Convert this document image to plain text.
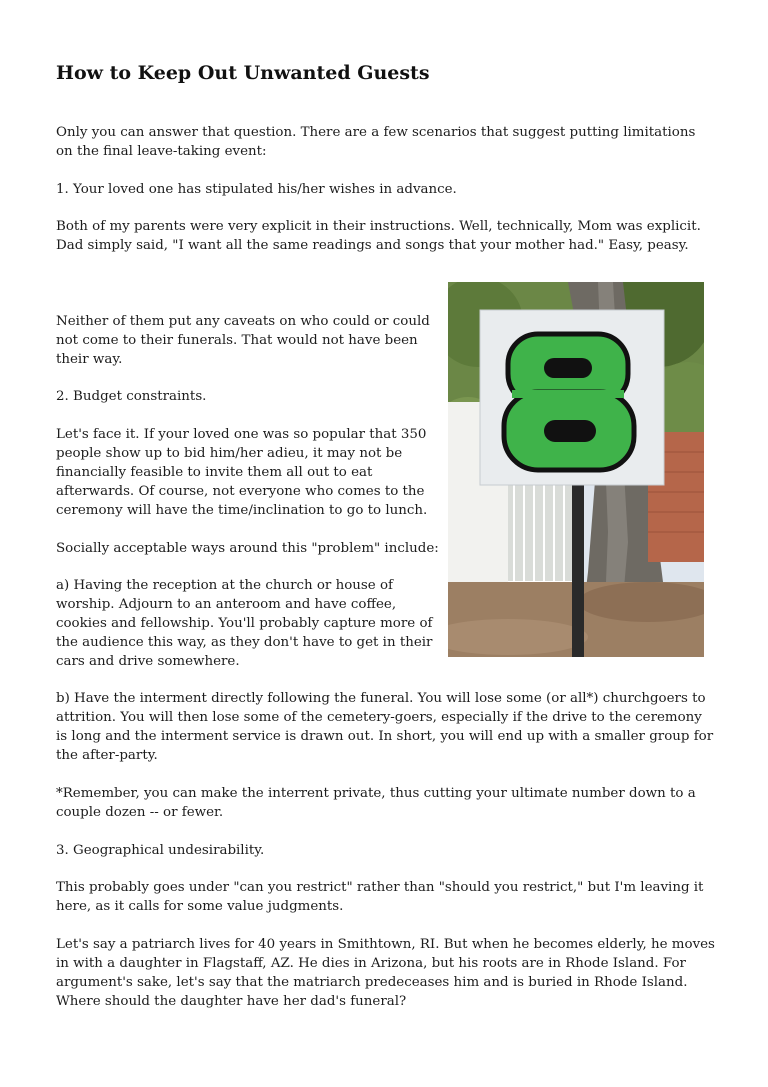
How to Keep Out Unwanted Guests

Only you can answer that question. There are a few scenarios that suggest putting limitations on the final leave-taking event:

1. Your loved one has stipulated his/her wishes in advance.

Both of my parents were very explicit in their instructions. Well, technically, Mom was explicit. Dad simply said, "I want all the same readings and songs that your mother had." Easy, peasy.

Neither of them put any caveats on who could or could not come to their funerals. That would not have been their way.

2. Budget constraints.

Let's face it. If your loved one was so popular that 350 people show up to bid him/her adieu, it may not be financially feasible to invite them all out to eat afterwards. Of course, not everyone who comes to the ceremony will have the time/inclination to go to lunch.

Socially acceptable ways around this "problem" include:

a) Having the reception at the church or house of worship. Adjourn to an anteroom and have coffee, cookies and fellowship. You'll probably capture more of the audience this way, as they don't have to get in their cars and drive somewhere.

b) Have the interment directly following the funeral. You will lose some (or all*) churchgoers to attrition. You will then lose some of the cemetery-goers, especially if the drive to the ceremony is long and the interment service is drawn out. In short, you will end up with a smaller group for the after-party.

*Remember, you can make the interrent private, thus cutting your ultimate number down to a couple dozen -- or fewer.

3. Geographical undesirability.

This probably goes under "can you restrict" rather than "should you restrict," but I'm leaving it here, as it calls for some value judgments.

Let's say a patriarch lives for 40 years in Smithtown, RI. But when he becomes elderly, he moves in with a daughter in Flagstaff, AZ. He dies in Arizona, but his roots are in Rhode Island. For argument's sake, let's say that the matriarch predeceases him and is buried in Rhode Island. Where should the daughter have her dad's funeral?
